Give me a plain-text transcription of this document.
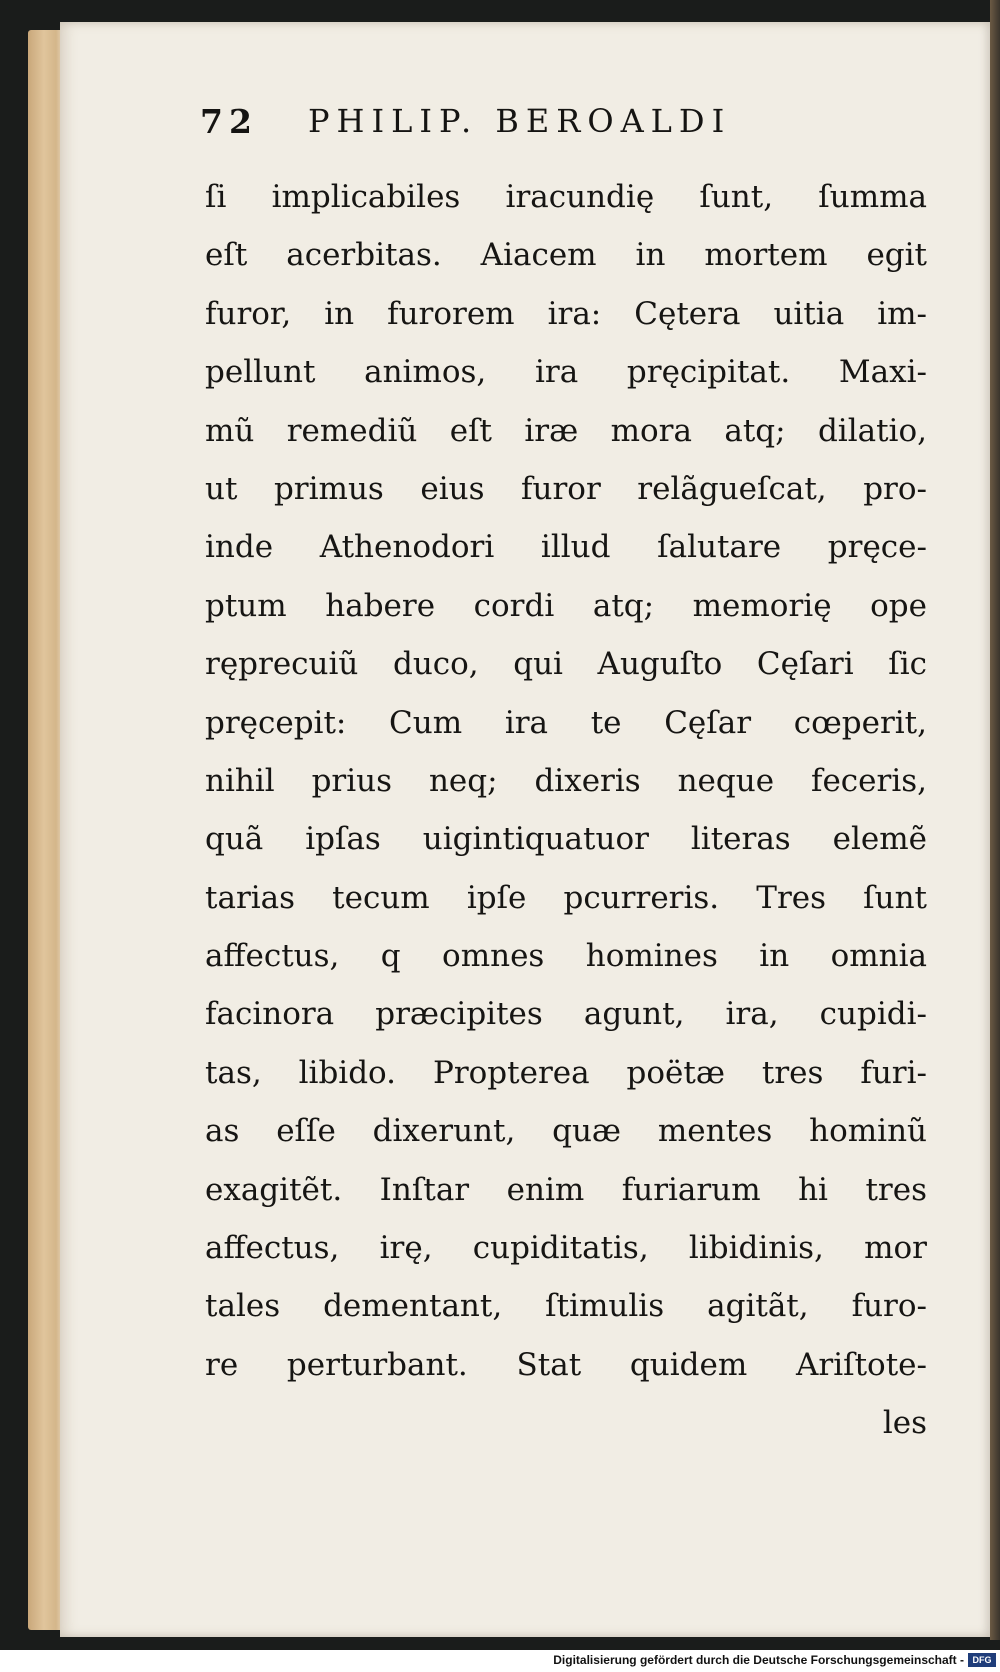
72 PHILIP. BEROALDI
ſi implicabiles iracundię ſunt, ſumma
eſt acerbitas. Aiacem in mortem egit
furor, in furorem ira: Cętera uitia im-
pellunt animos, ira pręcipitat. Maxi-
mũ remediũ eſt iræ mora atq; dilatio,
ut primus eius furor relãgueſcat, pro-
inde Athenodori illud ſalutare pręce-
ptum habere cordi atq; memorię ope
ręprecuiũ duco, qui Auguſto Cęſari ſic
pręcepit: Cum ira te Cęſar cœperit,
nihil prius neq; dixeris neque feceris,
quã ipſas uigintiquatuor literas elemẽ
tarias tecum ipſe pcurreris. Tres ſunt
affectus, q omnes homines in omnia
facinora præcipites agunt, ira, cupidi-
tas, libido. Propterea poëtæ tres furi-
as eſſe dixerunt, quæ mentes hominũ
exagitẽt. Inſtar enim furiarum hi tres
affectus, irę, cupiditatis, libidinis, mor
tales dementant, ſtimulis agitãt, furo-
re perturbant. Stat quidem Ariſtote-
les
Digitalisierung gefördert durch die Deutsche Forschungsgemeinschaft - DFG
